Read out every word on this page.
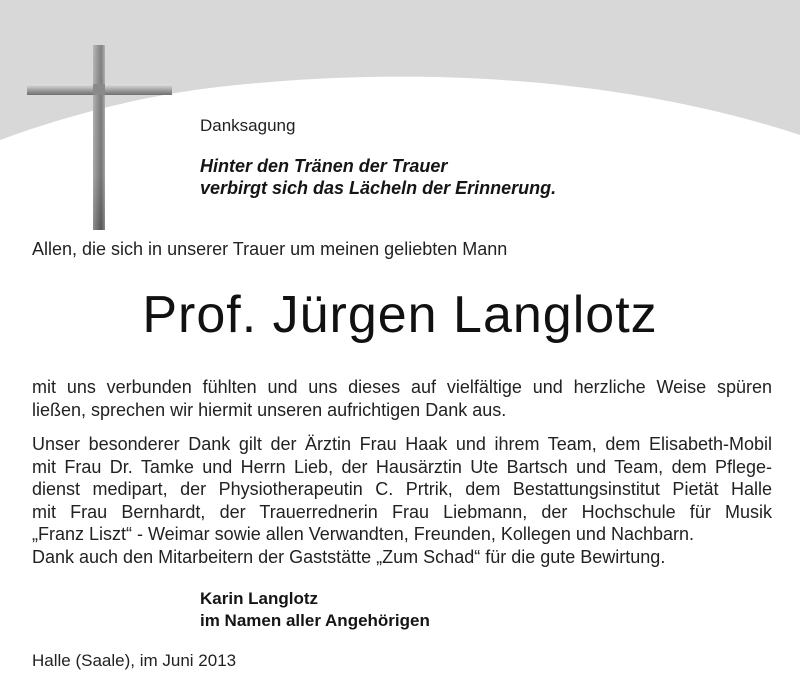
Danksagung
Hinter den Tränen der Trauer
verbirgt sich das Lächeln der Erinnerung.
Allen, die sich in unserer Trauer um meinen geliebten Mann
Prof. Jürgen Langlotz
mit uns verbunden fühlten und uns dieses auf vielfältige und herzliche Weise spüren
ließen, sprechen wir hiermit unseren aufrichtigen Dank aus.
Unser besonderer Dank gilt der Ärztin Frau Haak und ihrem Team, dem Elisabeth-Mobil
mit Frau Dr. Tamke und Herrn Lieb, der Hausärztin Ute Bartsch und Team, dem Pflege-
dienst medipart, der Physiotherapeutin C. Prtrik, dem Bestattungsinstitut Pietät Halle
mit Frau Bernhardt, der Trauerrednerin Frau Liebmann, der Hochschule für Musik
„Franz Liszt“ - Weimar sowie allen Verwandten, Freunden, Kollegen und Nachbarn.
Dank auch den Mitarbeitern der Gaststätte „Zum Schad“ für die gute Bewirtung.
Karin Langlotz
im Namen aller Angehörigen
Halle (Saale), im Juni 2013
